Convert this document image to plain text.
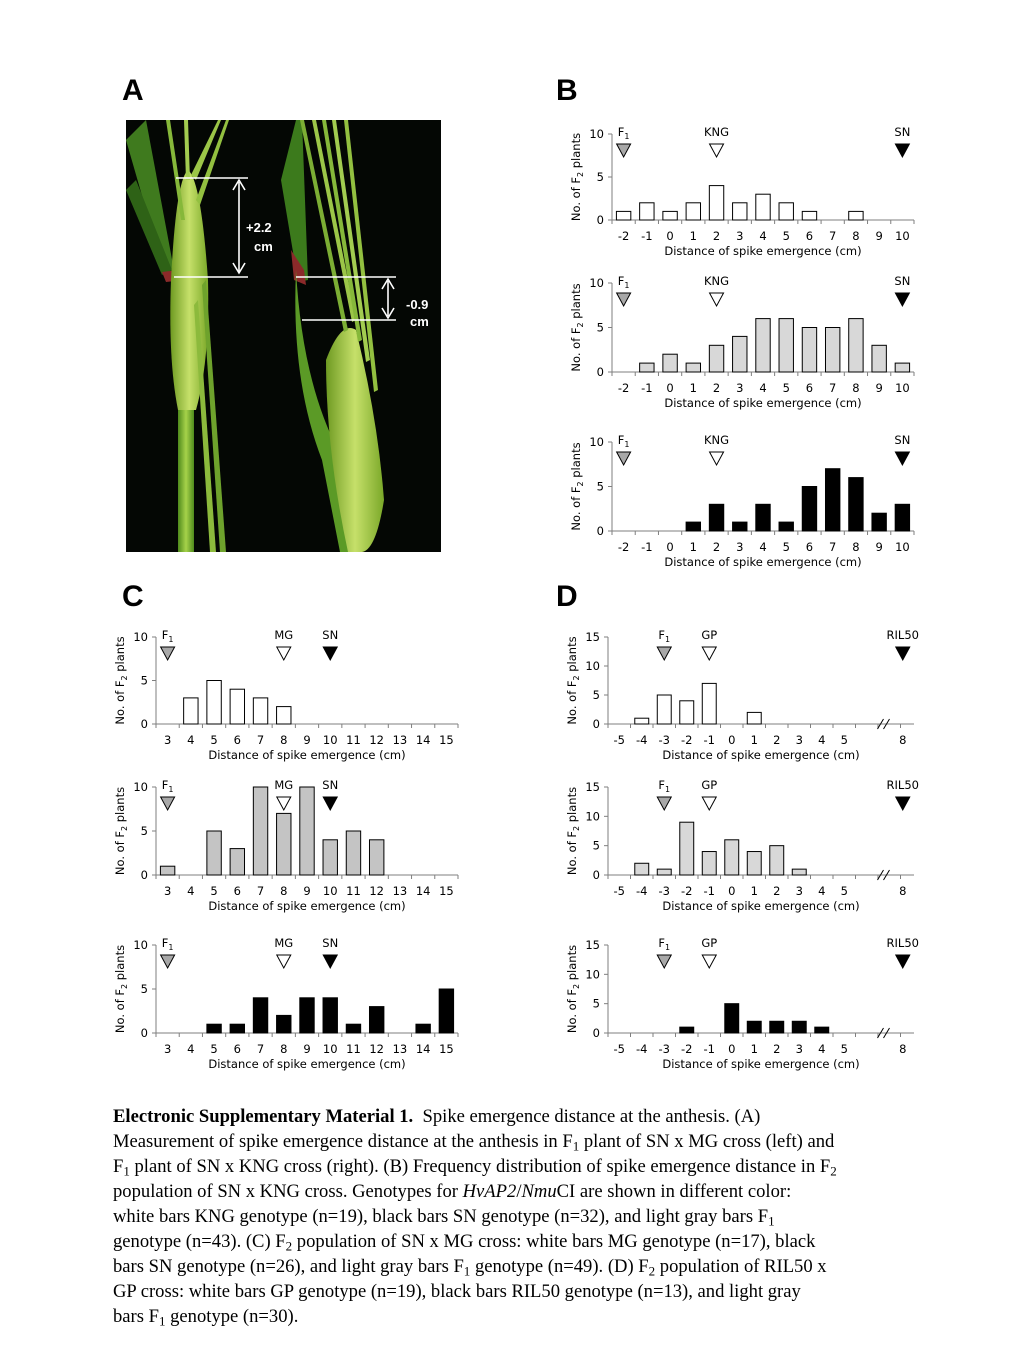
A	B
C	D
+2.2
cm
-0.9
cm
0
5
10
-2 -1 0 1 2 3 4 5 6 7 8 9 10
Distance of spike emergence (cm)
No. of $F_2$ plants
$F_1$	KNG	SN
0
5
10
-2 -1 0 1 2 3 4 5 6 7 8 9 10
Distance of spike emergence (cm)
No. of $F_2$ plants
$F_1$	KNG	SN
0
5
10
-2 -1 0 1 2 3 4 5 6 7 8 9 10
Distance of spike emergence (cm)
No. of $F_2$ plants
$F_1$	KNG	SN
0
5
10
3 4 5 6 7 8 9 10 11 12 13 14 15
Distance of spike emergence (cm)
No. of $F_2$ plants
$F_1$	MG	SN
0
5
10
3 4 5 6 7 8 9 10 11 12 13 14 15
Distance of spike emergence (cm)
No. of $F_2$ plants
$F_1$	MG	SN
0
5
10
3 4 5 6 7 8 9 10 11 12 13 14 15
Distance of spike emergence (cm)
No. of $F_2$ plants
$F_1$	MG	SN
0
5
10
15
-5 -4 -3 -2 -1 0 1 2 3 4 5	8
Distance of spike emergence (cm)
No. of $F_2$ plants
$F_1$	GP	RIL50
0
5
10
15
-5 -4 -3 -2 -1 0 1 2 3 4 5	8
Distance of spike emergence (cm)
No. of $F_2$ plants
$F_1$	GP	RIL50
0
5
10
15
-5 -4 -3 -2 -1 0 1 2 3 4 5	8
Distance of spike emergence (cm)
No. of $F_2$ plants
$F_1$	GP	RIL50
Electronic Supplementary Material 1. Spike emergence distance at the anthesis. (A)
Measurement of spike emergence distance at the anthesis in $F_1$ plant of SN x MG cross (left) and
$F_1$ plant of SN x KNG cross (right). (B) Frequency distribution of spike emergence distance in $F_2$
population of SN x KNG cross. Genotypes for HvAP2/NmuCI are shown in different color:
white bars KNG genotype (n=19), black bars SN genotype (n=32), and light gray bars $F_1$
genotype (n=43). (C) $F_2$ population of SN x MG cross: white bars MG genotype (n=17), black
bars SN genotype (n=26), and light gray bars $F_1$ genotype (n=49). (D) $F_2$ population of RIL50 x
GP cross: white bars GP genotype (n=19), black bars RIL50 genotype (n=13), and light gray
bars $F_1$ genotype (n=30).
